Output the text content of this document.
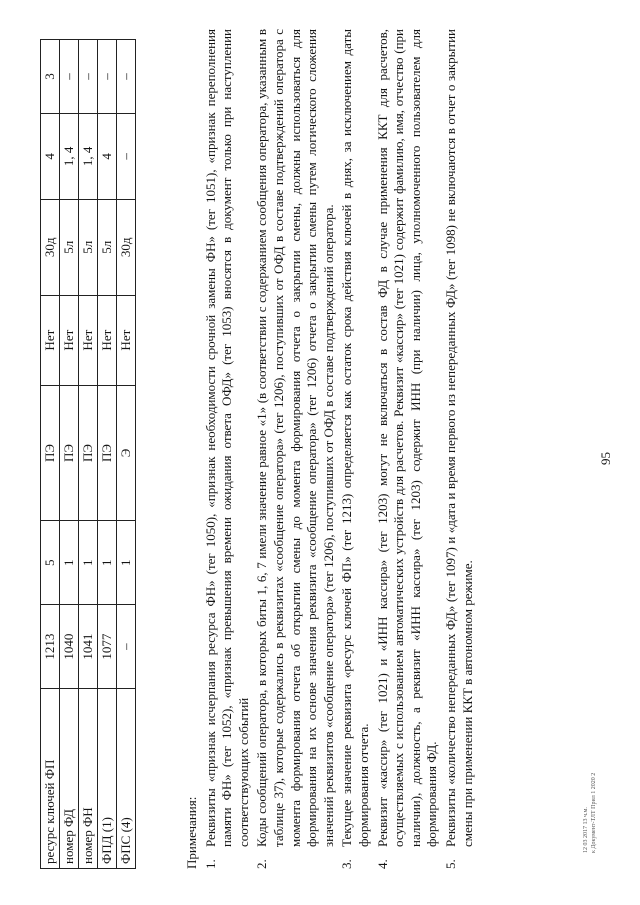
95
ресурс ключей ФП	1213	5	ПЭ	Нет	30д	4	3
номер ФД	1040	1	ПЭ	Нет	5л	1, 4	–
номер ФН	1041	1	ПЭ	Нет	5л	1, 4	–
ФПД (1)	1077	1	ПЭ	Нет	5л	4	–
ФПС (4)	–	1	Э	Нет	30д	–	–
Примечания: 1.
Реквизиты «признак исчерпания ресурса ФН» (тег 1050), «признак необходимости срочной замены ФН» (тег 1051), «признак переполнения памяти ФН» (тег 1052), «признак превышения времени ожидания ответа ОФД» (тег 1053) вносятся в документ только при наступлении соответствующих событий
2.
Коды сообщений оператора, в которых биты 1, 6, 7 имели значение равное «1» (в соответствии с содержанием сообщения оператора, указанным в таблице 37), которые содержались в реквизитах «сообщение оператора» (тег 1206), поступивших от ОФД в составе подтверждений оператора с момента формирования отчета об открытии смены до момента формирования отчета о закрытии смены, должны использоваться для формирования на их основе значения реквизита «сообщение оператора» (тег 1206) отчета о закрытии смены путем логического сложения значений реквизитов «сообщение оператора» (тег 1206), поступивших от ОФД в составе подтверждений оператора.
3.
Текущее значение реквизита «ресурс ключей ФП» (тег 1213) определяется как остаток срока действия ключей в днях, за исключением даты формирования отчета.
4.
Реквизит «кассир» (тег 1021) и «ИНН кассира» (тег 1203) могут не включаться в состав ФД в случае применения ККТ для расчетов, осуществляемых с использованием автоматических устройств для расчетов. Реквизит «кассир» (тег 1021) содержит фамилию, имя, отчество (при наличии), должность, а реквизит «ИНН кассира» (тег 1203) содержит ИНН (при наличии) лица, уполномоченного пользователем для формирования ФД.
5.
Реквизиты «количество непереданных ФД» (тег 1097) и «дата и время первого из непереданных ФД» (тег 1098) не включаются в отчет о закрытии смены при применении ККТ в автономном режиме.	12 03 2017 13 ч.м. к Документ-ТЛТ Прил 1 2020 2
